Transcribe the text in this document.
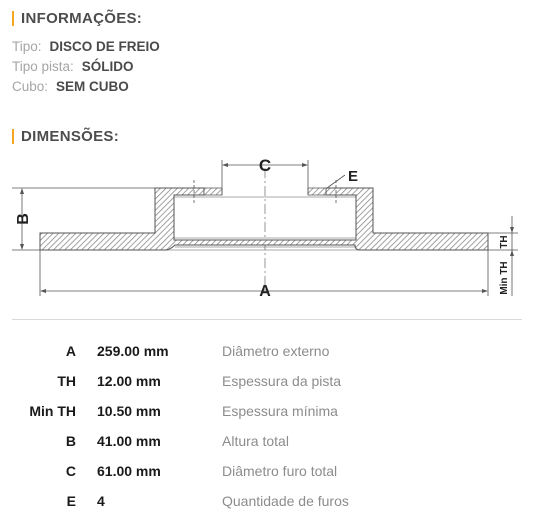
INFORMAÇÕES:
Tipo: DISCO DE FREIO
Tipo pista: SÓLIDO
Cubo: SEM CUBO
DIMENSÕES:
C
E
B
A
TH
Min TH
A 259.00 mm	Diâmetro externo
TH 12.00 mm	Espessura da pista
Min TH 10.50 mm	Espessura mínima
B 41.00 mm	Altura total
C 61.00 mm	Diâmetro furo total
E 4	Quantidade de furos
